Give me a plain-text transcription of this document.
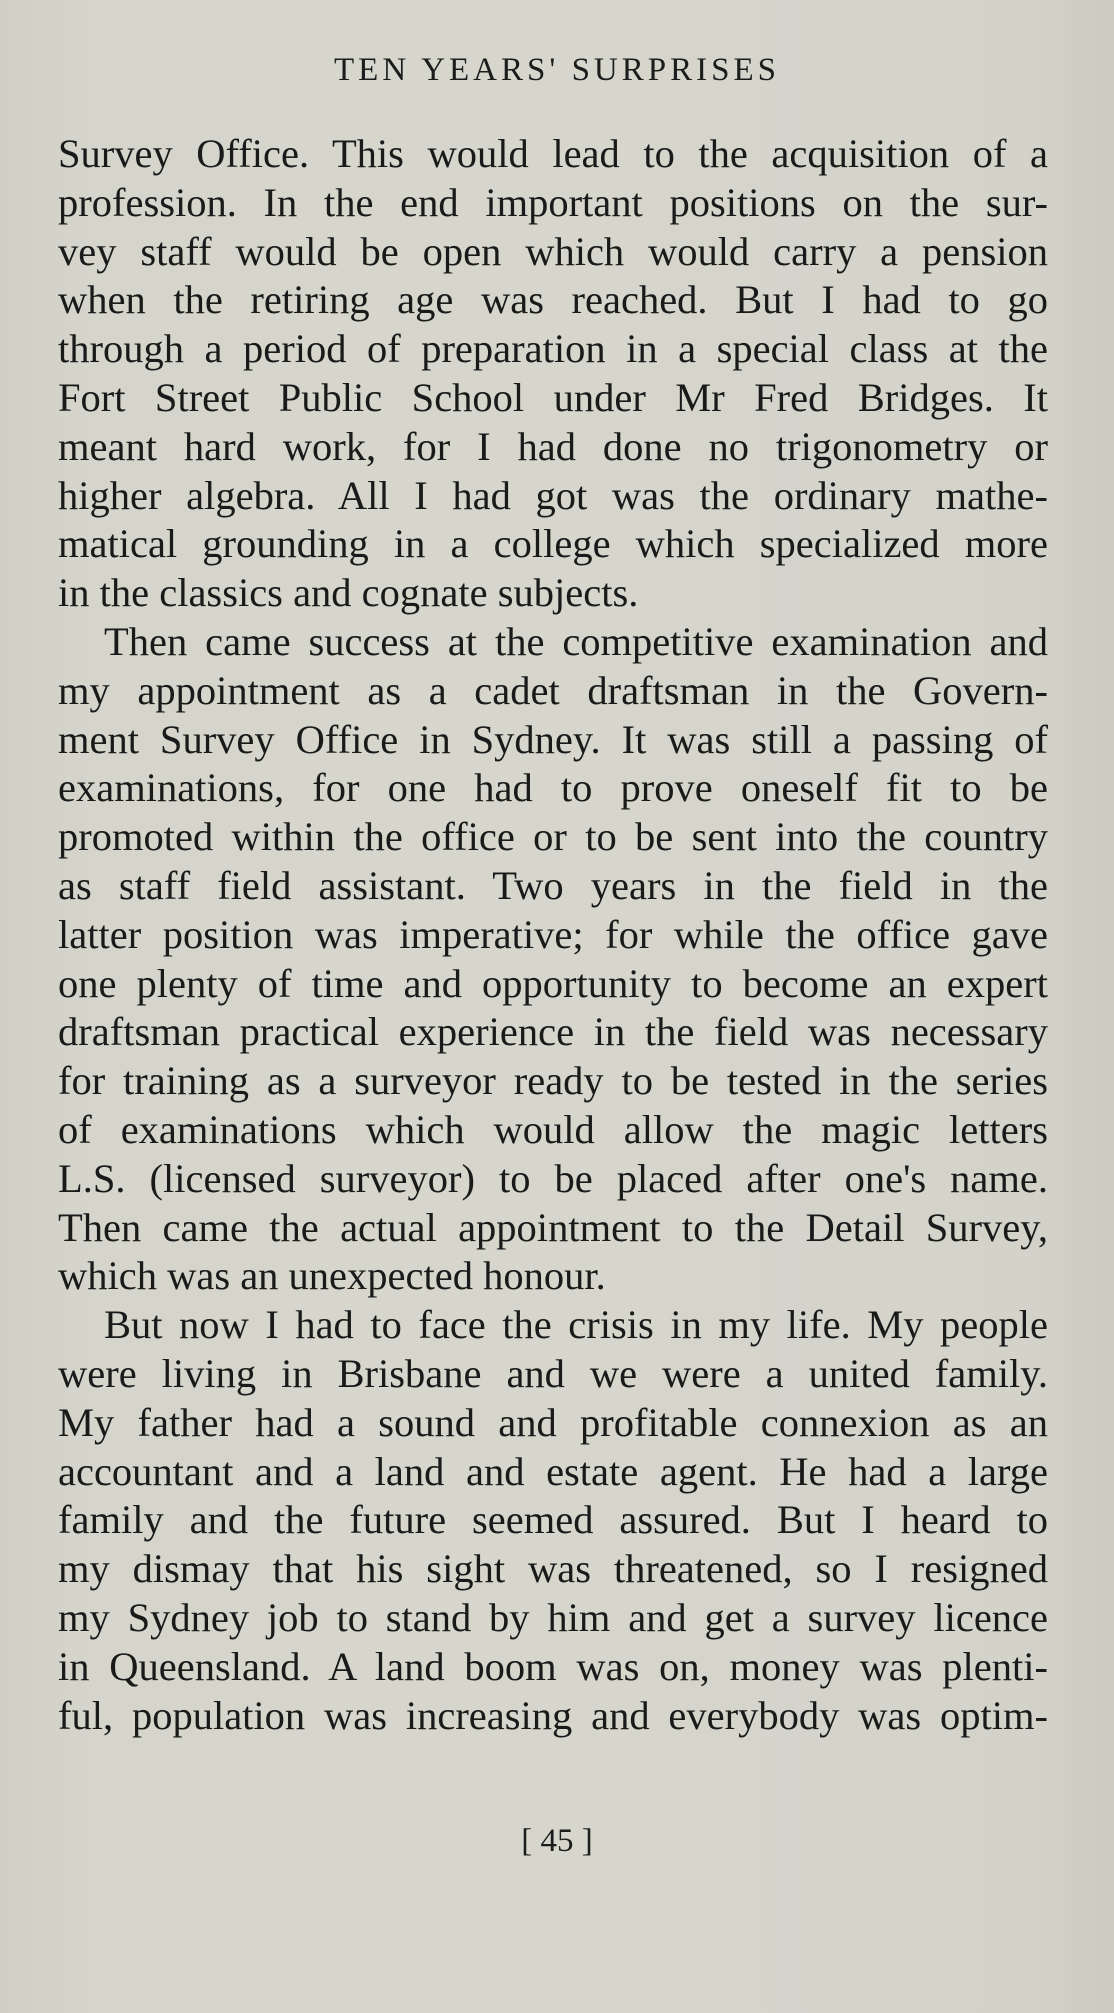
TEN YEARS' SURPRISES
Survey Office. This would lead to the acquisition of a
profession. In the end important positions on the sur-
vey staff would be open which would carry a pension
when the retiring age was reached. But I had to go
through a period of preparation in a special class at the
Fort Street Public School under Mr Fred Bridges. It
meant hard work, for I had done no trigonometry or
higher algebra. All I had got was the ordinary mathe-
matical grounding in a college which specialized more
in the classics and cognate subjects.
Then came success at the competitive examination and
my appointment as a cadet draftsman in the Govern-
ment Survey Office in Sydney. It was still a passing of
examinations, for one had to prove oneself fit to be
promoted within the office or to be sent into the country
as staff field assistant. Two years in the field in the
latter position was imperative; for while the office gave
one plenty of time and opportunity to become an expert
draftsman practical experience in the field was necessary
for training as a surveyor ready to be tested in the series
of examinations which would allow the magic letters
L.S. (licensed surveyor) to be placed after one's name.
Then came the actual appointment to the Detail Survey,
which was an unexpected honour.
But now I had to face the crisis in my life. My people
were living in Brisbane and we were a united family.
My father had a sound and profitable connexion as an
accountant and a land and estate agent. He had a large
family and the future seemed assured. But I heard to
my dismay that his sight was threatened, so I resigned
my Sydney job to stand by him and get a survey licence
in Queensland. A land boom was on, money was plenti-
ful, population was increasing and everybody was optim-
[ 45 ]
